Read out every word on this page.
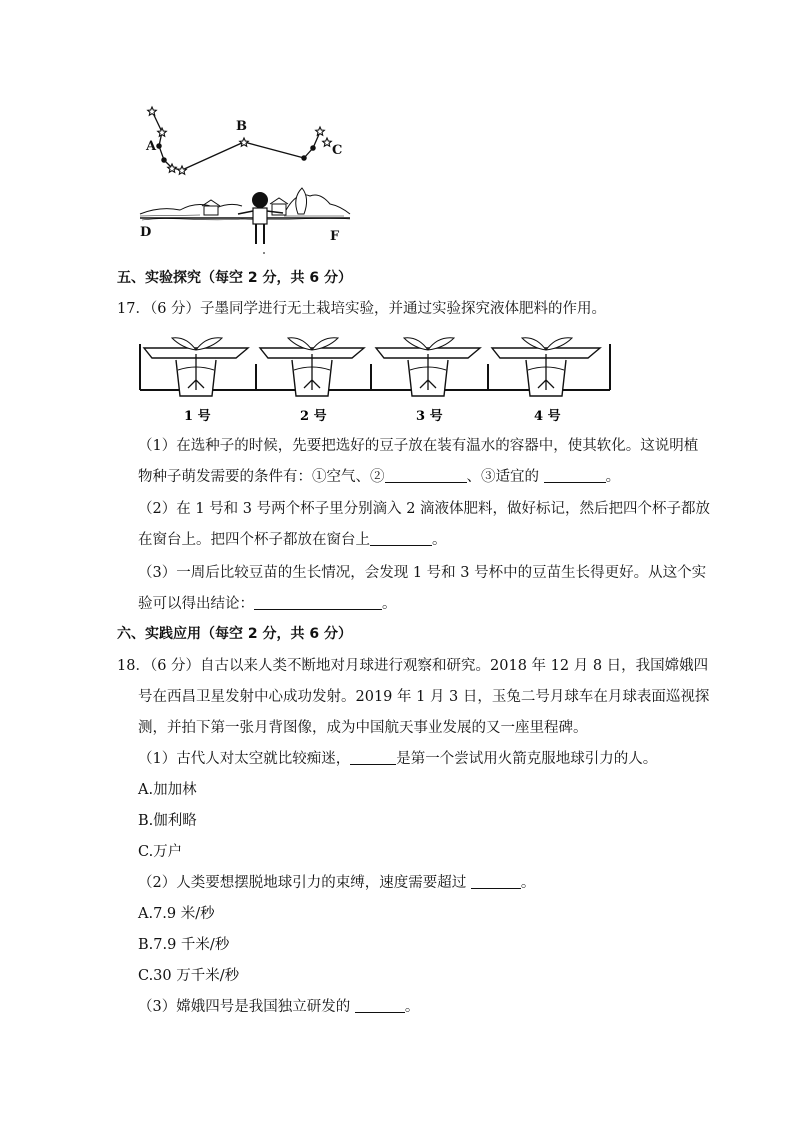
A
B
C
D	F
五、实验探究（每空 2 分，共 6 分）
17．（6 分）子墨同学进行无土栽培实验，并通过实验探究液体肥料的作用。
1 号	2 号	3 号	4 号
（1）在选种子的时候，先要把选好的豆子放在装有温水的容器中，使其软化。这说明植
物种子萌发需要的条件有：①空气、②	、③适宜的	。
（2）在 1 号和 3 号两个杯子里分别滴入 2 滴液体肥料，做好标记，然后把四个杯子都放
在窗台上。把四个杯子都放在窗台上	。
（3）一周后比较豆苗的生长情况，会发现 1 号和 3 号杯中的豆苗生长得更好。从这个实
验可以得出结论：	。
六、实践应用（每空 2 分，共 6 分）
18．（6 分）自古以来人类不断地对月球进行观察和研究。2018 年 12 月 8 日，我国嫦娥四
号在西昌卫星发射中心成功发射。2019 年 1 月 3 日，玉兔二号月球车在月球表面巡视探
测，并拍下第一张月背图像，成为中国航天事业发展的又一座里程碑。
（1）古代人对太空就比较痴迷，	是第一个尝试用火箭克服地球引力的人。
A.加加林
B.伽利略
C.万户
（2）人类要想摆脱地球引力的束缚，速度需要超过	。
A.7.9 米/秒
B.7.9 千米/秒
C.30 万千米/秒
（3）嫦娥四号是我国独立研发的	。
